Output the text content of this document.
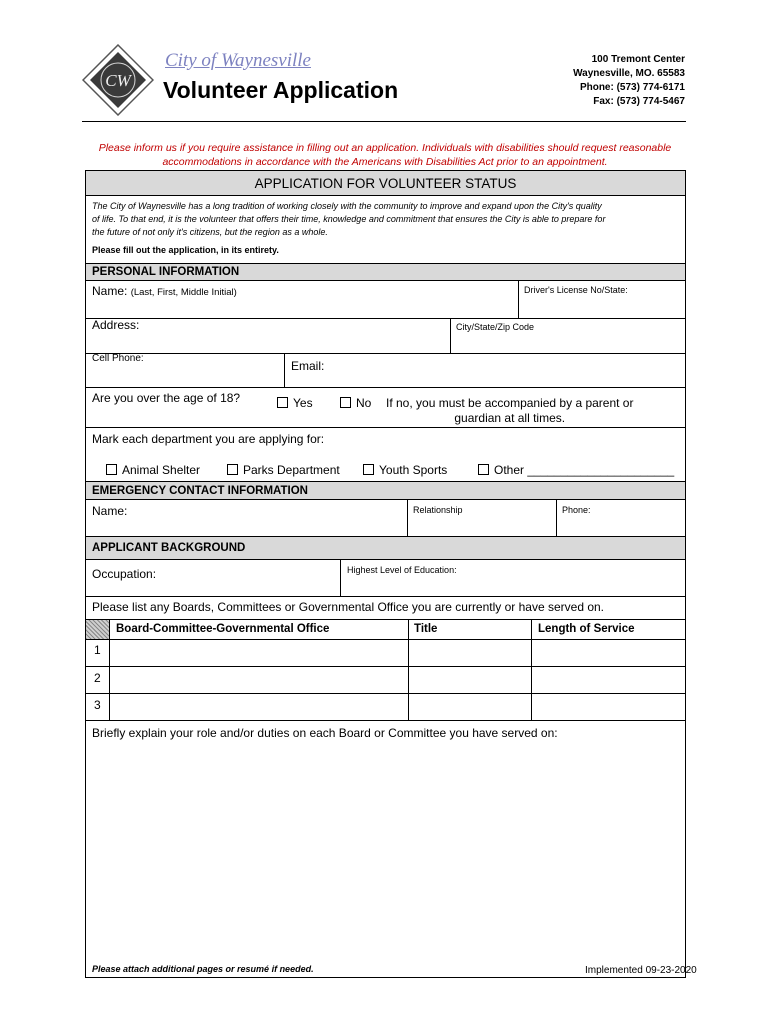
CW
City of Waynesville
Volunteer Application
100 Tremont Center
Waynesville, MO. 65583
Phone: (573) 774-6171
Fax: (573) 774-5467
Please inform us if you require assistance in filling out an application. Individuals with disabilities should request reasonable
accommodations in accordance with the Americans with Disabilities Act prior to an appointment.
APPLICATION FOR VOLUNTEER STATUS
The City of Waynesville has a long tradition of working closely with the community to improve and expand upon the City's quality
of life. To that end, it is the volunteer that offers their time, knowledge and commitment that ensures the City is able to prepare for
the future of not only it's citizens, but the region as a whole.
Please fill out the application, in its entirety.
PERSONAL INFORMATION
Name: (Last, First, Middle Initial)	Driver's License No/State:
Address:	City/State/Zip Code
Cell Phone:
Email:
Are you over the age of 18?	Yes	No If no, you must be accompanied by a parent or
guardian at all times.
Mark each department you are applying for:
Animal Shelter	Parks Department	Youth Sports	Other ______________________
EMERGENCY CONTACT INFORMATION
Name:	Relationship	Phone:
APPLICANT BACKGROUND
Occupation:	Highest Level of Education:
Please list any Boards, Committees or Governmental Office you are currently or have served on.
Board-Committee-Governmental Office	Title	Length of Service
1
2
3
Briefly explain your role and/or duties on each Board or Committee you have served on:
Please attach additional pages or resumé if needed.	Implemented 09-23-2020
